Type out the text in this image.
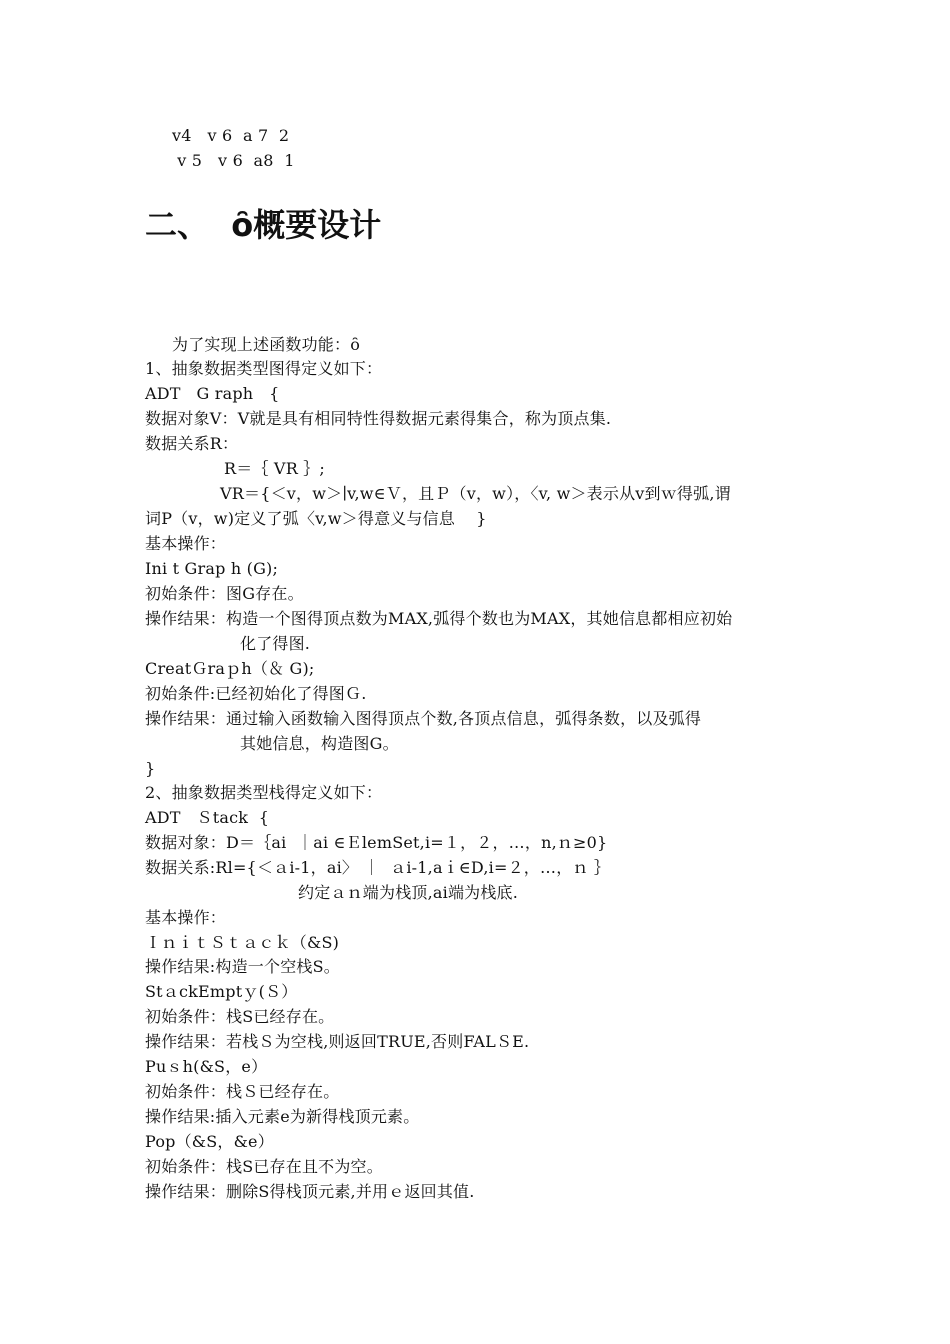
v4   v 6  a 7  2
v 5   v 6  a8  1
二、  ȏ概要设计
为了实现上述函数功能：ȏ
1、抽象数据类型图得定义如下：
ADT   G raph   {
数据对象V：V就是具有相同特性得数据元素得集合，称为顶点集.
数据关系R：
R＝｛ VR ｝;
VR＝{＜v，w＞∣v,w∈Ｖ，且Ｐ（v，w），〈v, w＞表示从v到ｗ得弧,谓
词P（v，w)定义了弧〈v,w＞得意义与信息    }
基本操作：
Ini t Grap h (G);
初始条件：图G存在。
操作结果：构造一个图得顶点数为MAX,弧得个数也为MAX，其她信息都相应初始
化了得图.
CreatＧraｐh（＆ G);
初始条件:已经初始化了得图Ｇ.
操作结果：通过输入函数输入图得顶点个数,各顶点信息，弧得条数，以及弧得
其她信息，构造图G。
}
2、抽象数据类型栈得定义如下：
ADT   Ｓtack  {
数据对象：D＝｛ai  ｜ai ∈ＥlemSet,i=１，２，…，n,ｎ≥0}
数据关系:Rl={＜ａi-1，ai〉 ｜  ａi-1,aｉ∈D,i=２，…，ｎ ｝
约定ａｎ端为栈顶,ai端为栈底.
基本操作：
ＩｎｉｔＳｔａｃｋ（&S)
操作结果:构造一个空栈S。
StａckEmptｙ(Ｓ）
初始条件：栈S已经存在。
操作结果：若栈Ｓ为空栈,则返回TRUE,否则FALＳE.
Puｓh(&S，e）
初始条件：栈Ｓ已经存在。
操作结果:插入元素e为新得栈顶元素。
Pop（&S，&e）
初始条件：栈S已存在且不为空。
操作结果：删除S得栈顶元素,并用ｅ返回其值.
